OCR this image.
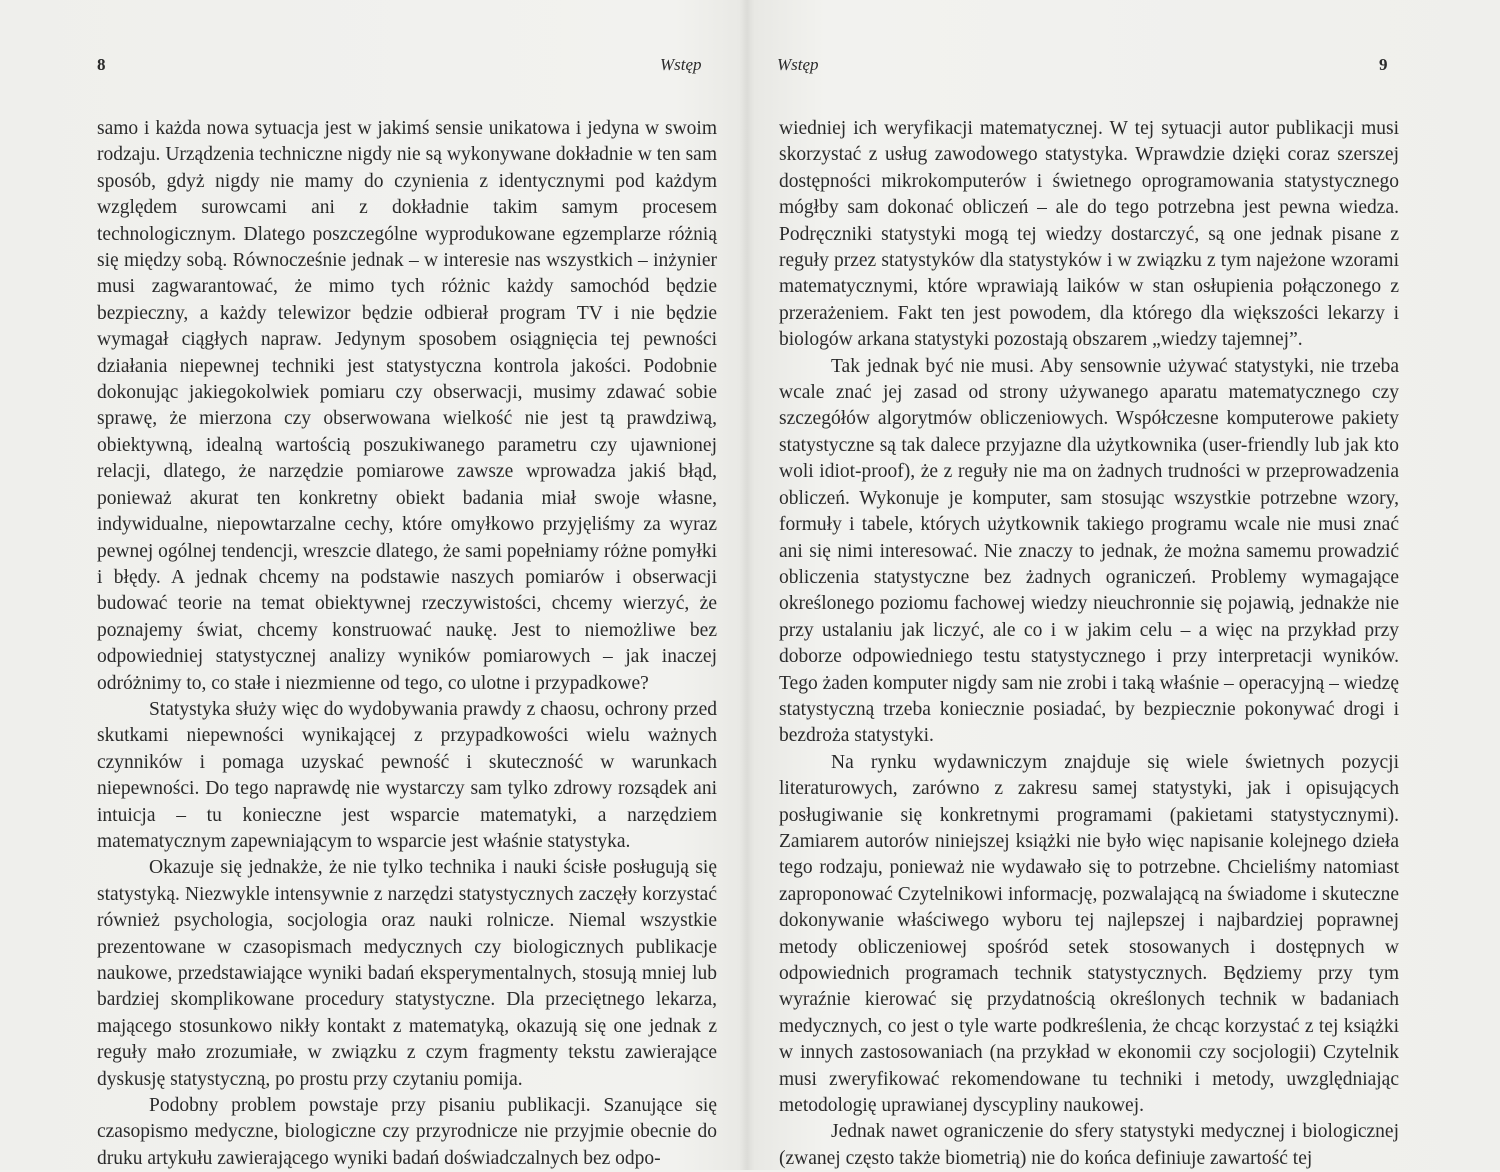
8	Wstęp

samo i każda nowa sytuacja jest w jakimś sensie unikatowa i jedyna w swoim rodzaju. Urządzenia techniczne nigdy nie są wykonywane dokładnie w ten sam sposób, gdyż nigdy nie mamy do czynienia z identycznymi pod każdym względem surowcami ani z dokładnie takim samym procesem technologicznym. Dlatego poszczególne wyprodukowane egzemplarze różnią się między sobą. Równocześnie jednak – w interesie nas wszystkich – inżynier musi zagwarantować, że mimo tych różnic każdy samochód będzie bezpieczny, a każdy telewizor będzie odbierał program TV i nie będzie wymagał ciągłych napraw. Jedynym sposobem osiągnięcia tej pewności działania niepewnej techniki jest statystyczna kontrola jakości. Podobnie dokonując jakiegokolwiek pomiaru czy obserwacji, musimy zdawać sobie sprawę, że mierzona czy obserwowana wielkość nie jest tą prawdziwą, obiektywną, idealną wartością poszukiwanego parametru czy ujawnionej relacji, dlatego, że narzędzie pomiarowe zawsze wprowadza jakiś błąd, ponieważ akurat ten konkretny obiekt badania miał swoje własne, indywidualne, niepowtarzalne cechy, które omyłkowo przyjęliśmy za wyraz pewnej ogólnej tendencji, wreszcie dlatego, że sami popełniamy różne pomyłki i błędy. A jednak chcemy na podstawie naszych pomiarów i obserwacji budować teorie na temat obiektywnej rzeczywistości, chcemy wierzyć, że poznajemy świat, chcemy konstruować naukę. Jest to niemożliwe bez odpowiedniej statystycznej analizy wyników pomiarowych – jak inaczej odróżnimy to, co stałe i niezmienne od tego, co ulotne i przypadkowe?

Statystyka służy więc do wydobywania prawdy z chaosu, ochrony przed skutkami niepewności wynikającej z przypadkowości wielu ważnych czynników i pomaga uzyskać pewność i skuteczność w warunkach niepewności. Do tego naprawdę nie wystarczy sam tylko zdrowy rozsądek ani intuicja – tu konieczne jest wsparcie matematyki, a narzędziem matematycznym zapewniającym to wsparcie jest właśnie statystyka.

Okazuje się jednakże, że nie tylko technika i nauki ścisłe posługują się statystyką. Niezwykle intensywnie z narzędzi statystycznych zaczęły korzystać również psychologia, socjologia oraz nauki rolnicze. Niemal wszystkie prezentowane w czasopismach medycznych czy biologicznych publikacje naukowe, przedstawiające wyniki badań eksperymentalnych, stosują mniej lub bardziej skomplikowane procedury statystyczne. Dla przeciętnego lekarza, mającego stosunkowo nikły kontakt z matematyką, okazują się one jednak z reguły mało zrozumiałe, w związku z czym fragmenty tekstu zawierające dyskusję statystyczną, po prostu przy czytaniu pomija.

Podobny problem powstaje przy pisaniu publikacji. Szanujące się czasopismo medyczne, biologiczne czy przyrodnicze nie przyjmie obecnie do druku artykułu zawierającego wyniki badań doświadczalnych bez odpo-

Wstęp	9

wiedniej ich weryfikacji matematycznej. W tej sytuacji autor publikacji musi skorzystać z usług zawodowego statystyka. Wprawdzie dzięki coraz szerszej dostępności mikrokomputerów i świetnego oprogramowania statystycznego mógłby sam dokonać obliczeń – ale do tego potrzebna jest pewna wiedza. Podręczniki statystyki mogą tej wiedzy dostarczyć, są one jednak pisane z reguły przez statystyków dla statystyków i w związku z tym najeżone wzorami matematycznymi, które wprawiają laików w stan osłupienia połączonego z przerażeniem. Fakt ten jest powodem, dla którego dla większości lekarzy i biologów arkana statystyki pozostają obszarem „wiedzy tajemnej”.

Tak jednak być nie musi. Aby sensownie używać statystyki, nie trzeba wcale znać jej zasad od strony używanego aparatu matematycznego czy szczegółów algorytmów obliczeniowych. Współczesne komputerowe pakiety statystyczne są tak dalece przyjazne dla użytkownika (user-friendly lub jak kto woli idiot-proof), że z reguły nie ma on żadnych trudności w przeprowadzenia obliczeń. Wykonuje je komputer, sam stosując wszystkie potrzebne wzory, formuły i tabele, których użytkownik takiego programu wcale nie musi znać ani się nimi interesować. Nie znaczy to jednak, że można samemu prowadzić obliczenia statystyczne bez żadnych ograniczeń. Problemy wymagające określonego poziomu fachowej wiedzy nieuchronnie się pojawią, jednakże nie przy ustalaniu jak liczyć, ale co i w jakim celu – a więc na przykład przy doborze odpowiedniego testu statystycznego i przy interpretacji wyników. Tego żaden komputer nigdy sam nie zrobi i taką właśnie – operacyjną – wiedzę statystyczną trzeba koniecznie posiadać, by bezpiecznie pokonywać drogi i bezdroża statystyki.

Na rynku wydawniczym znajduje się wiele świetnych pozycji literaturowych, zarówno z zakresu samej statystyki, jak i opisujących posługiwanie się konkretnymi programami (pakietami statystycznymi). Zamiarem autorów niniejszej książki nie było więc napisanie kolejnego dzieła tego rodzaju, ponieważ nie wydawało się to potrzebne. Chcieliśmy natomiast zaproponować Czytelnikowi informację, pozwalającą na świadome i skuteczne dokonywanie właściwego wyboru tej najlepszej i najbardziej poprawnej metody obliczeniowej spośród setek stosowanych i dostępnych w odpowiednich programach technik statystycznych. Będziemy przy tym wyraźnie kierować się przydatnością określonych technik w badaniach medycznych, co jest o tyle warte podkreślenia, że chcąc korzystać z tej książki w innych zastosowaniach (na przykład w ekonomii czy socjologii) Czytelnik musi zweryfikować rekomendowane tu techniki i metody, uwzględniając metodologię uprawianej dyscypliny naukowej.

Jednak nawet ograniczenie do sfery statystyki medycznej i biologicznej (zwanej często także biometrią) nie do końca definiuje zawartość tej
